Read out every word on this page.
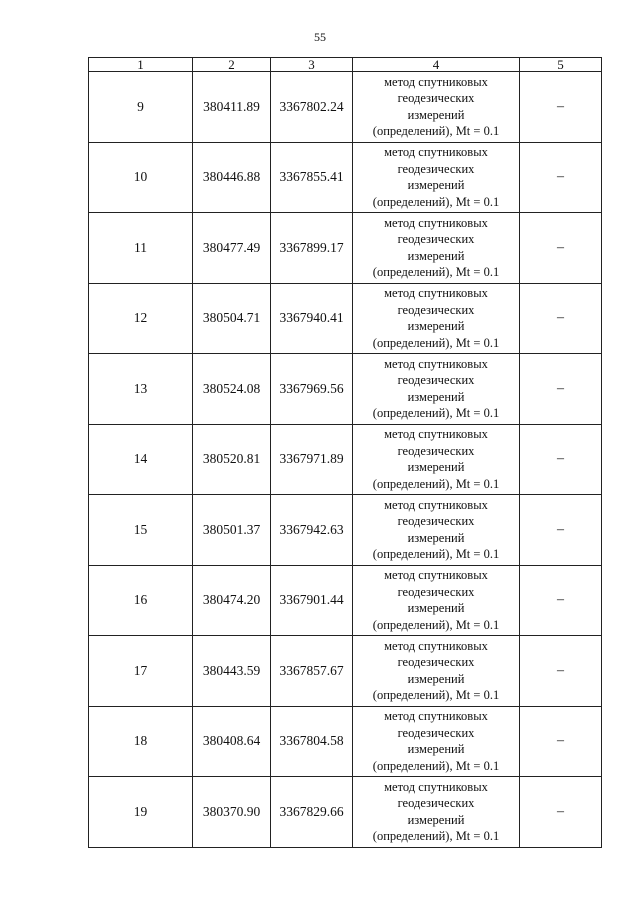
55
1	2	3	4	5
9	380411.89	3367802.24	метод спутниковых
геодезических
измерений
(определений), Mt = 0.1	–
10	380446.88	3367855.41	метод спутниковых
геодезических
измерений
(определений), Mt = 0.1	–
11	380477.49	3367899.17	метод спутниковых
геодезических
измерений
(определений), Mt = 0.1	–
12	380504.71	3367940.41	метод спутниковых
геодезических
измерений
(определений), Mt = 0.1	–
13	380524.08	3367969.56	метод спутниковых
геодезических
измерений
(определений), Mt = 0.1	–
14	380520.81	3367971.89	метод спутниковых
геодезических
измерений
(определений), Mt = 0.1	–
15	380501.37	3367942.63	метод спутниковых
геодезических
измерений
(определений), Mt = 0.1	–
16	380474.20	3367901.44	метод спутниковых
геодезических
измерений
(определений), Mt = 0.1	–
17	380443.59	3367857.67	метод спутниковых
геодезических
измерений
(определений), Mt = 0.1	–
18	380408.64	3367804.58	метод спутниковых
геодезических
измерений
(определений), Mt = 0.1	–
19	380370.90	3367829.66	метод спутниковых
геодезических
измерений
(определений), Mt = 0.1	–
